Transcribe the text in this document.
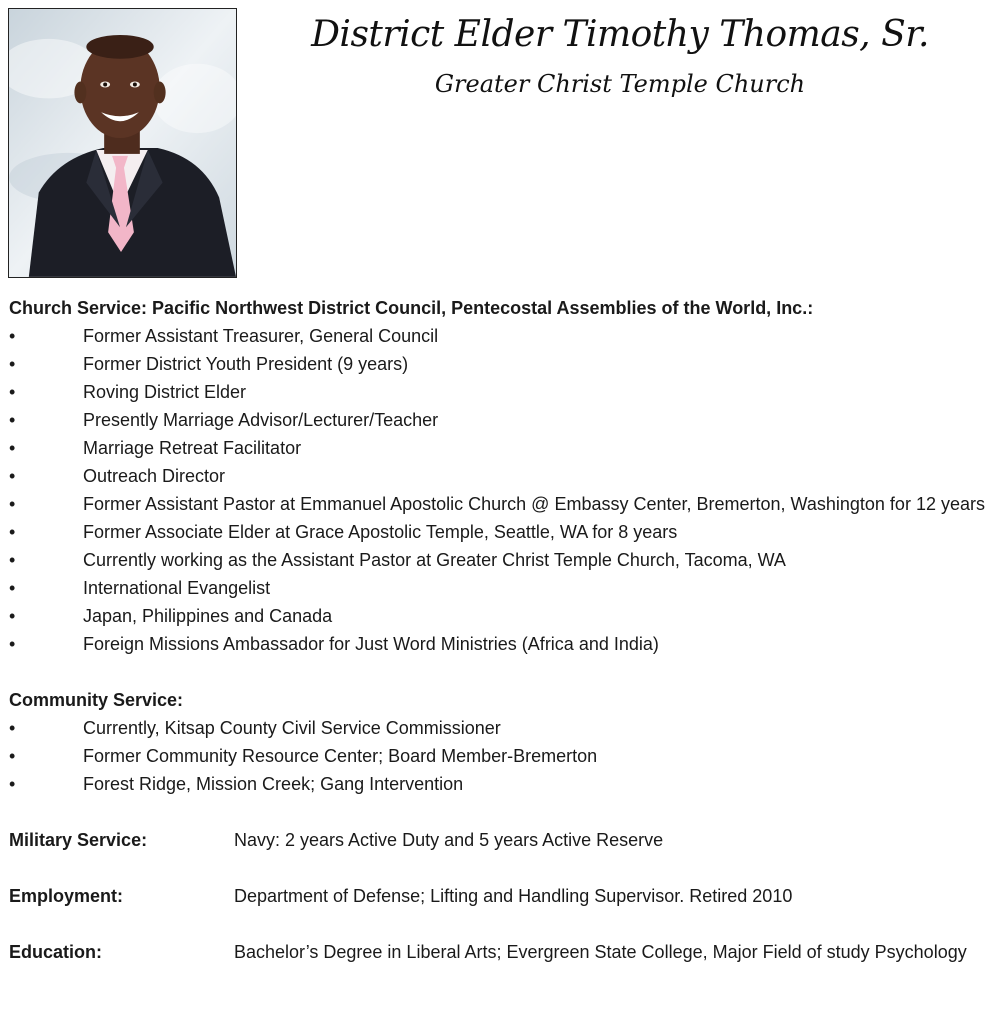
District Elder Timothy Thomas, Sr.
Greater Christ Temple Church
Church Service: Pacific Northwest District Council, Pentecostal Assemblies of the World, Inc.:
• Former Assistant Treasurer, General Council
• Former District Youth President (9 years)
• Roving District Elder
• Presently Marriage Advisor/Lecturer/Teacher
• Marriage Retreat Facilitator
• Outreach Director
• Former Assistant Pastor at Emmanuel Apostolic Church @ Embassy Center, Bremerton, Washington for 12 years
• Former Associate Elder at Grace Apostolic Temple, Seattle, WA for 8 years
• Currently working as the Assistant Pastor at Greater Christ Temple Church, Tacoma, WA
• International Evangelist
• Japan, Philippines and Canada
• Foreign Missions Ambassador for Just Word Ministries (Africa and India)
Community Service:
• Currently, Kitsap County Civil Service Commissioner
• Former Community Resource Center; Board Member-Bremerton
• Forest Ridge, Mission Creek; Gang Intervention
Military Service:	Navy: 2 years Active Duty and 5 years Active Reserve
Employment:	Department of Defense; Lifting and Handling Supervisor. Retired 2010
Education:	Bachelor’s Degree in Liberal Arts; Evergreen State College, Major Field of study Psychology
